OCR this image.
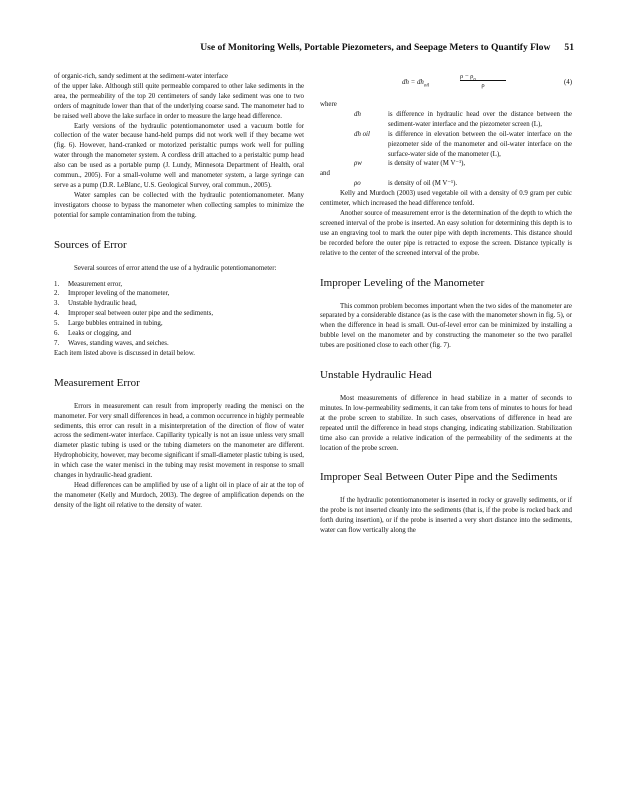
Use of Monitoring Wells, Portable Piezometers, and Seepage Meters to Quantify Flow 51

of organic-rich, sandy sediment at the sediment-water interface

of the upper lake. Although still quite permeable compared to other lake sediments in the area, the permeability of the top 20 centimeters of sandy lake sediment was one to two orders of magnitude lower than that of the underlying coarse sand. The manometer had to be raised well above the lake surface in order to measure the large head difference.

Early versions of the hydraulic potentiomanometer used a vacuum bottle for collection of the water because hand-held pumps did not work well if they became wet (fig. 6). However, hand-cranked or motorized peristaltic pumps work well for pulling water through the manometer system. A cordless drill attached to a peristaltic pump head also can be used as a portable pump (J. Lundy, Minnesota Department of Health, oral commun., 2005). For a small-volume well and manometer system, a large syringe can serve as a pump (D.R. LeBlanc, U.S. Geological Survey, oral commun., 2005).

Water samples can be collected with the hydraulic potentiomanometer. Many investigators choose to bypass the manometer when collecting samples to minimize the potential for sample contamination from the tubing.

Sources of Error

Several sources of error attend the use of a hydraulic potentiomanometer:

1.	Measurement error,
2.	Improper leveling of the manometer,
3.	Unstable hydraulic head,
4.	Improper seal between outer pipe and the sediments,
5.	Large bubbles entrained in tubing,
6.	Leaks or clogging, and
7.	Waves, standing waves, and seiches.

Each item listed above is discussed in detail below.

Measurement Error

Errors in measurement can result from improperly reading the menisci on the manometer. For very small differences in head, a common occurrence in highly permeable sediments, this error can result in a misinterpretation of the direction of flow of water across the sediment-water interface. Capillarity typically is not an issue unless very small diameter plastic tubing is used or the tubing diameters on the manometer are different. Hydrophobicity, however, may become significant if small-diameter plastic tubing is used, in which case the water menisci in the tubing may resist movement in response to small changes in hydraulic-head gradient.

Head differences can be amplified by use of a light oil in place of air at the top of the manometer (Kelly and Murdoch, 2003). The degree of amplification depends on the density of the light oil relative to the density of water.

dh = $dh_{oil}$	$\frac{\rho - \rho_o}{\rho}$	(4)

where

dh	is difference in hydraulic head over the distance between the sediment-water interface and the piezometer screen (L),
dh oil	is difference in elevation between the oil-water interface on the piezometer side of the manometer and oil-water interface on the surface-water side of the manometer (L),
ρw	is density of water (M V⁻¹),

and

ρo	is density of oil (M V⁻¹).

Kelly and Murdoch (2003) used vegetable oil with a density of 0.9 gram per cubic centimeter, which increased the head difference tenfold.

Another source of measurement error is the determination of the depth to which the screened interval of the probe is inserted. An easy solution for determining this depth is to use an engraving tool to mark the outer pipe with depth increments. This distance should be recorded before the outer pipe is retracted to expose the screen. Distance typically is relative to the center of the screened interval of the probe.

Improper Leveling of the Manometer

This common problem becomes important when the two sides of the manometer are separated by a considerable distance (as is the case with the manometer shown in fig. 5), or when the difference in head is small. Out-of-level error can be minimized by installing a bubble level on the manometer and by constructing the manometer so the two parallel tubes are positioned close to each other (fig. 7).

Unstable Hydraulic Head

Most measurements of difference in head stabilize in a matter of seconds to minutes. In low-permeability sediments, it can take from tens of minutes to hours for head at the probe screen to stabilize. In such cases, observations of difference in head are repeated until the difference in head stops changing, indicating stabilization. Stabilization time also can provide a relative indication of the permeability of the sediments at the location of the probe screen.

Improper Seal Between Outer Pipe and the Sediments

If the hydraulic potentiomanometer is inserted in rocky or gravelly sediments, or if the probe is not inserted cleanly into the sediments (that is, if the probe is rocked back and forth during insertion), or if the probe is inserted a very short distance into the sediments, water can flow vertically along the
